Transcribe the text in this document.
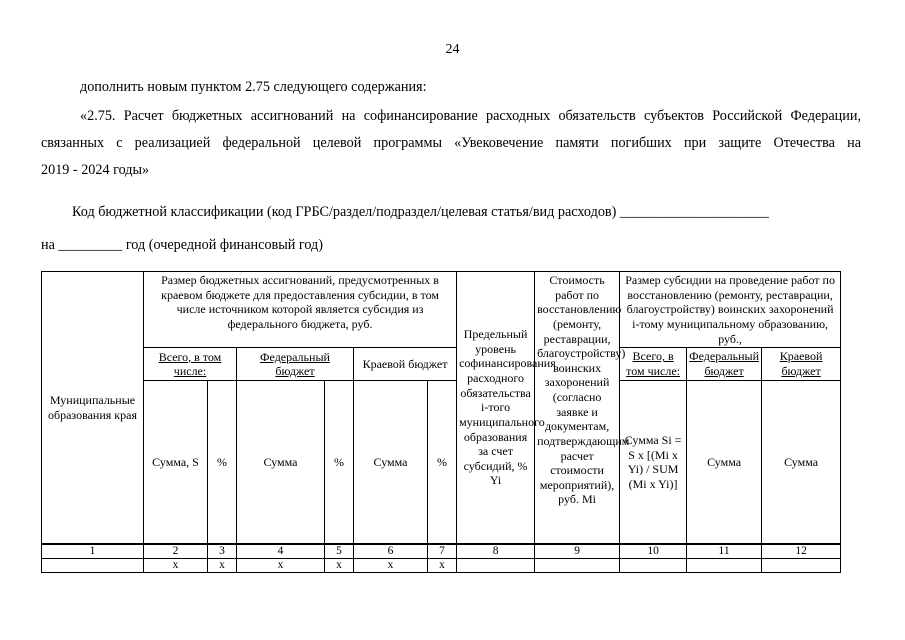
24
дополнить новым пунктом 2.75 следующего содержания:
«2.75. Расчет бюджетных ассигнований на софинансирование расходных обязательств субъектов Российской Федерации,
связанных с реализацией федеральной целевой программы «Увековечение памяти погибших при защите Отечества на
2019 - 2024 годы»
Код бюджетной классификации (код ГРБС/раздел/подраздел/целевая статья/вид расходов) _____________________
на _________ год (очередной финансовый год)
Муниципальные образования края	Размер бюджетных ассигнований, предусмотренных в краевом бюджете для предоставления субсидии, в том числе источником которой является субсидия из федерального бюджета, руб.						Предельный уровень софинансирования расходного обязательства i-того муниципального образования за счет субсидий, % Yi	Стоимость работ по восстановлению (ремонту, реставрации, благоустройству) воинских захоронений (согласно заявке и документам, подтверждающим расчет стоимости мероприятий), руб. Mi	Размер субсидии на проведение работ по восстановлению (ремонту, реставрации, благоустройству) воинских захоронений i-тому муниципальному образованию, руб.,		
	Всего, в том числе:		Федеральный бюджет		Краевой бюджет				Всего, в том числе:	Федеральный бюджет	Краевой бюджет
	Сумма, S	%	Сумма	%	Сумма	%			Сумма Si = S x [(Mi x Yi) / SUM (Mi x Yi)]	Сумма	Сумма
1	2	3	4	5	6	7	8	9	10	11	12
	x	x	x	x	x	x					
